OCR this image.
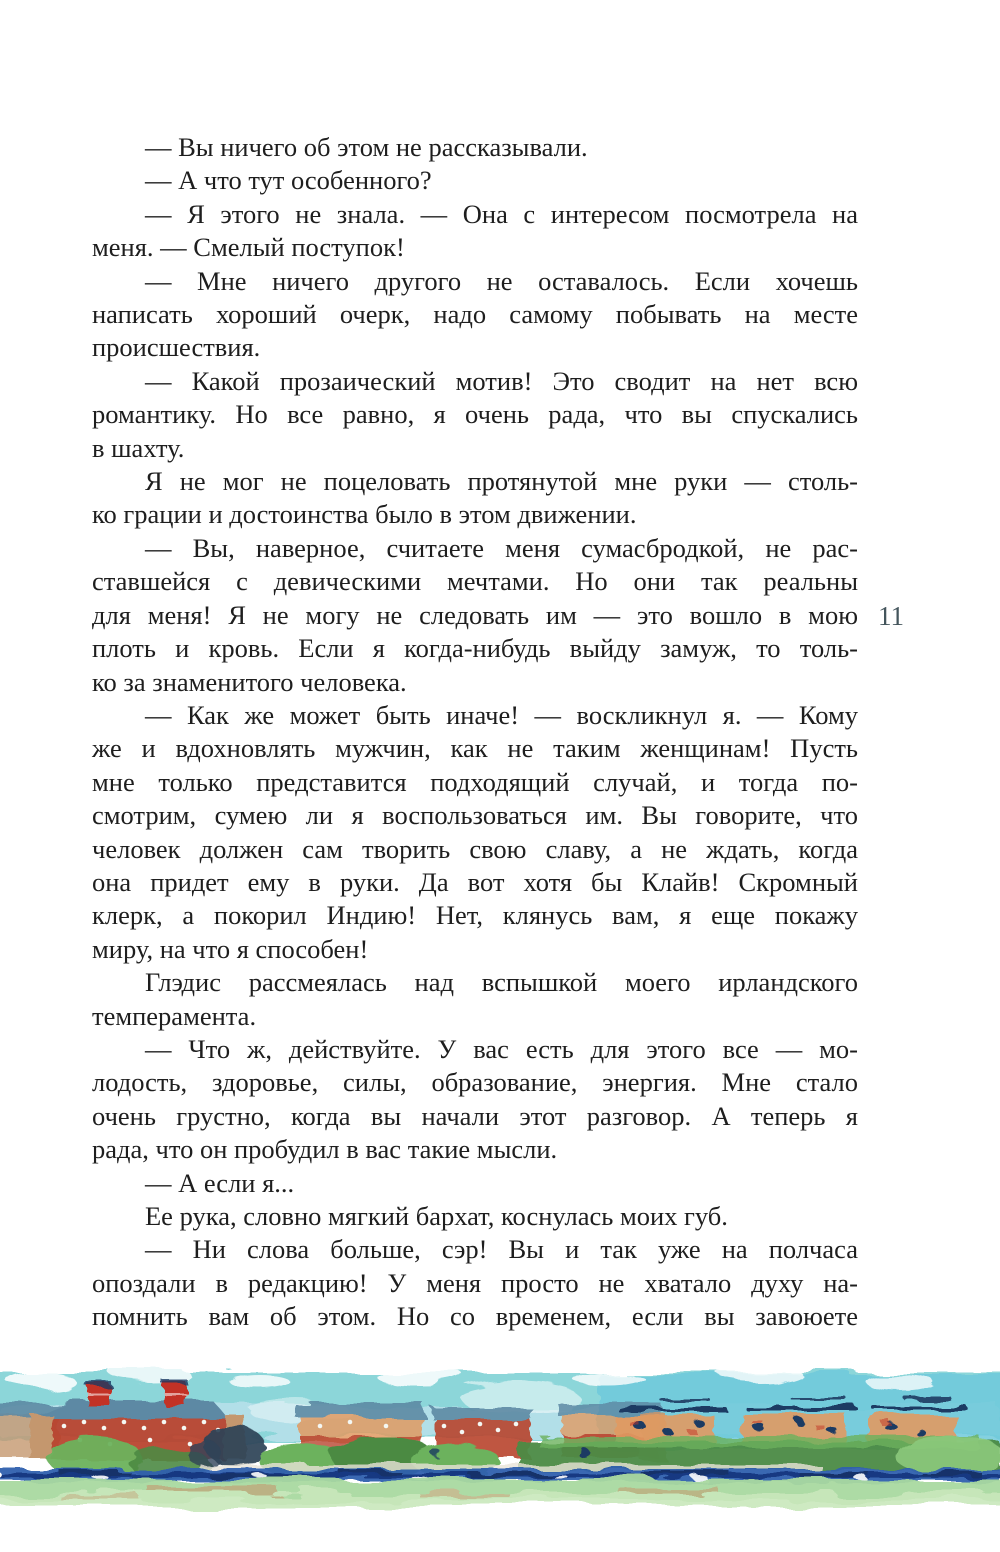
— Вы ничего об этом не рассказывали.
— А что тут особенного?
— Я этого не знала. — Она с интересом посмотрела на
меня. — Смелый поступок!
— Мне ничего другого не оставалось. Если хочешь
написать хороший очерк, надо самому побывать на месте
происшествия.
— Какой прозаический мотив! Это сводит на нет всю
романтику. Но все равно, я очень рада, что вы спускались
в шахту.
Я не мог не поцеловать протянутой мне руки — столь-
ко грации и достоинства было в этом движении.
— Вы, наверное, считаете меня сумасбродкой, не рас-
ставшейся с девическими мечтами. Но они так реальны
для меня! Я не могу не следовать им — это вошло в мою
плоть и кровь. Если я когда-нибудь выйду замуж, то толь-
ко за знаменитого человека.
— Как же может быть иначе! — воскликнул я. — Кому
же и вдохновлять мужчин, как не таким женщинам! Пусть
мне только представится подходящий случай, и тогда по-
смотрим, сумею ли я воспользоваться им. Вы говорите, что
человек должен сам творить свою славу, а не ждать, когда
она придет ему в руки. Да вот хотя бы Клайв! Скромный
клерк, а покорил Индию! Нет, клянусь вам, я еще покажу
миру, на что я способен!
Глэдис рассмеялась над вспышкой моего ирландского
темперамента.
— Что ж, действуйте. У вас есть для этого все — мо-
лодость, здоровье, силы, образование, энергия. Мне стало
очень грустно, когда вы начали этот разговор. А теперь я
рада, что он пробудил в вас такие мысли.
— А если я...
Ее рука, словно мягкий бархат, коснулась моих губ.
— Ни слова больше, сэр! Вы и так уже на полчаса
опоздали в редакцию! У меня просто не хватало духу на-
помнить вам об этом. Но со временем, если вы завоюете
11
